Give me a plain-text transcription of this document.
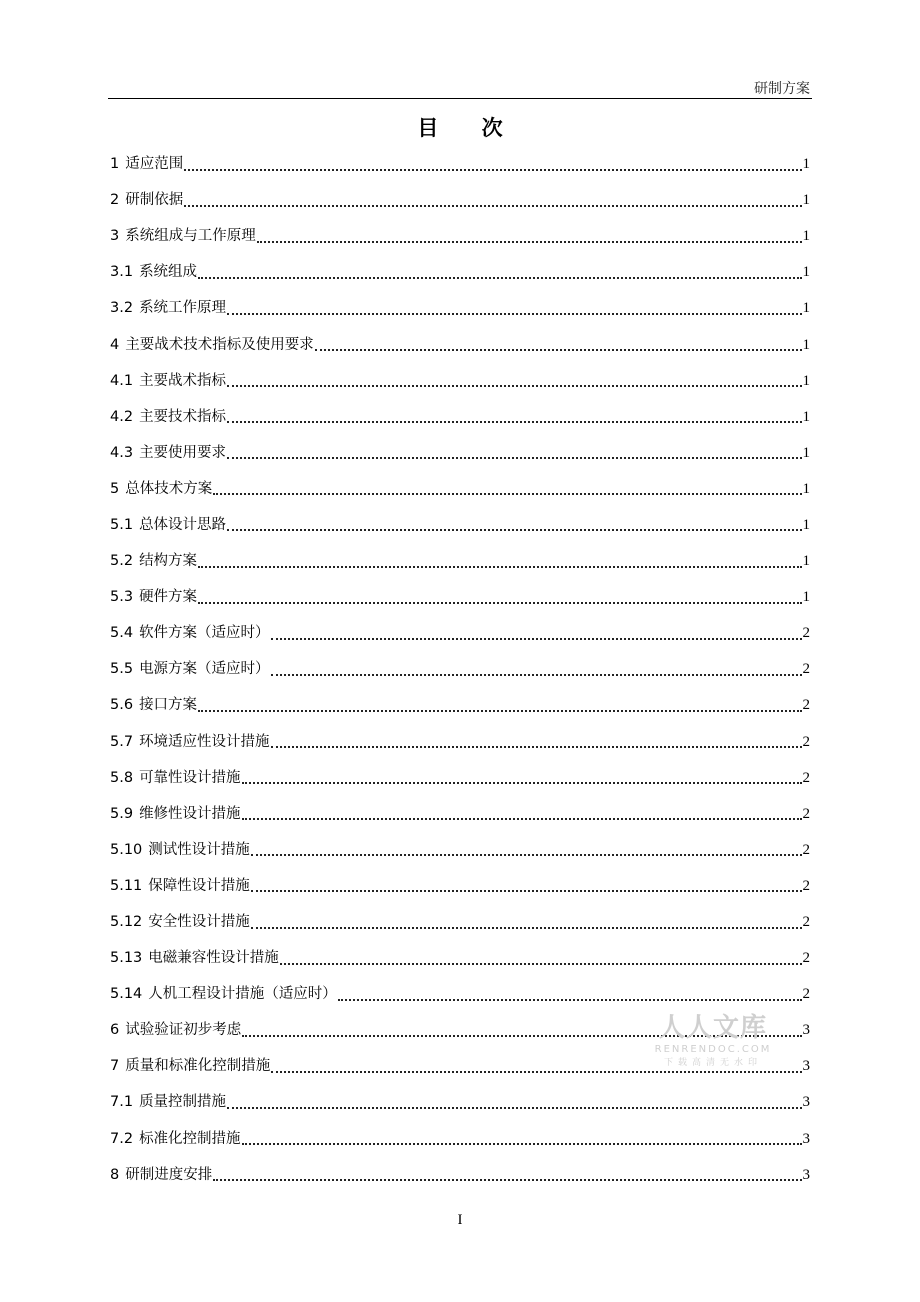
研制方案
目 次
1 适应范围	1
2 研制依据	1
3 系统组成与工作原理	1
3.1 系统组成	1
3.2 系统工作原理	1
4 主要战术技术指标及使用要求	1
4.1 主要战术指标	1
4.2 主要技术指标	1
4.3 主要使用要求	1
5 总体技术方案	1
5.1 总体设计思路	1
5.2 结构方案	1
5.3 硬件方案	1
5.4 软件方案（适应时）	2
5.5 电源方案（适应时）	2
5.6 接口方案	2
5.7 环境适应性设计措施	2
5.8 可靠性设计措施	2
5.9 维修性设计措施	2
5.10 测试性设计措施	2
5.11 保障性设计措施	2
5.12 安全性设计措施	2
5.13 电磁兼容性设计措施	2
5.14 人机工程设计措施（适应时）	2
6 试验验证初步考虑	3
7 质量和标准化控制措施	3
7.1 质量控制措施	3
7.2 标准化控制措施	3
8 研制进度安排	3
人人文库
RENRENDOC.COM
下载高清无水印
I
